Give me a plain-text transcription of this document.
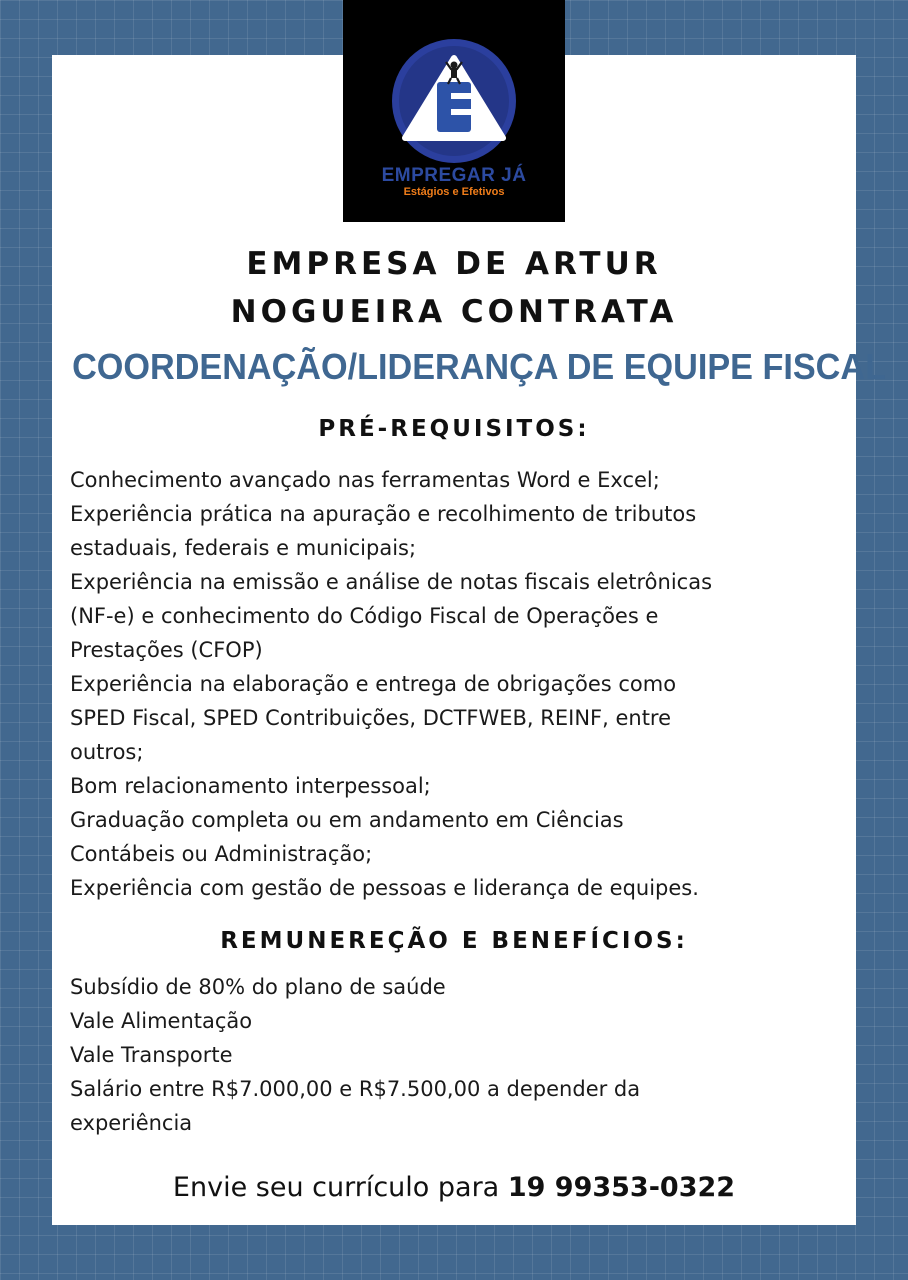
EMPREGAR JÁ
Estágios e Efetivos
EMPRESA DE ARTUR
NOGUEIRA CONTRATA
COORDENAÇÃO/LIDERANÇA DE EQUIPE FISCAL
PRÉ-REQUISITOS:
Conhecimento avançado nas ferramentas Word e Excel;
Experiência prática na apuração e recolhimento de tributos
estaduais, federais e municipais;
Experiência na emissão e análise de notas fiscais eletrônicas
(NF-e) e conhecimento do Código Fiscal de Operações e
Prestações (CFOP)
Experiência na elaboração e entrega de obrigações como
SPED Fiscal, SPED Contribuições, DCTFWEB, REINF, entre
outros;
Bom relacionamento interpessoal;
Graduação completa ou em andamento em Ciências
Contábeis ou Administração;
Experiência com gestão de pessoas e liderança de equipes.
REMUNEREÇÃO E BENEFÍCIOS:
Subsídio de 80% do plano de saúde
Vale Alimentação
Vale Transporte
Salário entre R$7.000,00 e R$7.500,00 a depender da
experiência
Envie seu currículo para 19 99353-0322
